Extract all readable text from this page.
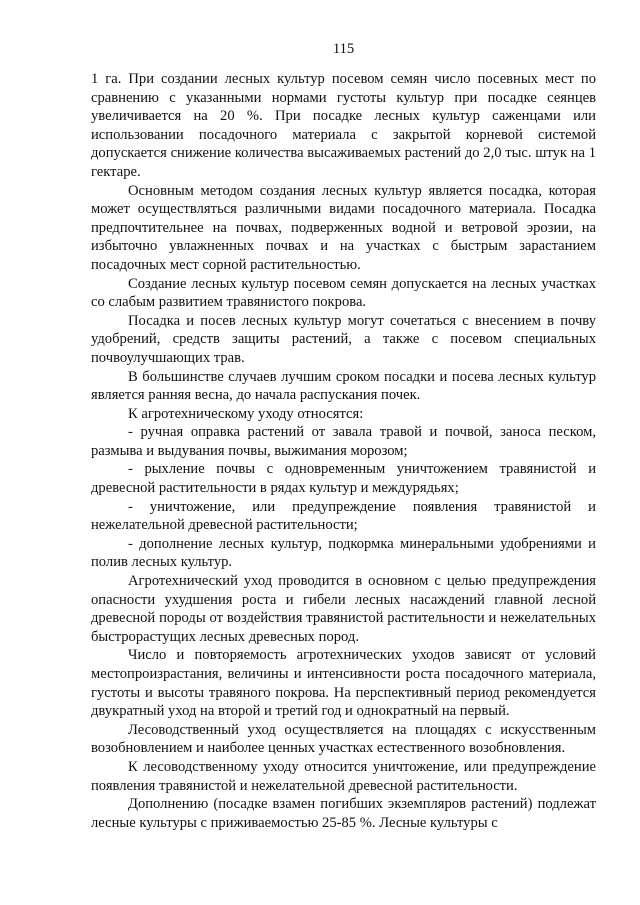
115

1 га. При создании лесных культур посевом семян число посевных мест по сравнению с указанными нормами густоты культур при посадке сеянцев увеличивается на 20 %. При посадке лесных культур саженцами или использовании посадочного материала с закрытой корневой системой допускается снижение количества высаживаемых растений до 2,0 тыс. штук на 1 гектаре.

Основным методом создания лесных культур является посадка, которая может осуществляться различными видами посадочного материала. Посадка предпочтительнее на почвах, подверженных водной и ветровой эрозии, на избыточно увлажненных почвах и на участках с быстрым зарастанием посадочных мест сорной растительностью.

Создание лесных культур посевом семян допускается на лесных участках со слабым развитием травянистого покрова.

Посадка и посев лесных культур могут сочетаться с внесением в почву удобрений, средств защиты растений, а также с посевом специальных почвоулучшающих трав.

В большинстве случаев лучшим сроком посадки и посева лесных культур является ранняя весна, до начала распускания почек.

К агротехническому уходу относятся:

- ручная оправка растений от завала травой и почвой, заноса песком, размыва и выдувания почвы, выжимания морозом;

- рыхление почвы с одновременным уничтожением травянистой и древесной растительности в рядах культур и междурядьях;

- уничтожение, или предупреждение появления травянистой и нежелательной древесной растительности;

- дополнение лесных культур, подкормка минеральными удобрениями и полив лесных культур.

Агротехнический уход проводится в основном с целью предупреждения опасности ухудшения роста и гибели лесных насаждений главной лесной древесной породы от воздействия травянистой растительности и нежелательных быстрорастущих лесных древесных пород.

Число и повторяемость агротехнических уходов зависят от условий местопроизрастания, величины и интенсивности роста посадочного материала, густоты и высоты травяного покрова. На перспективный период рекомендуется двукратный уход на второй и третий год и однократный на первый.

Лесоводственный уход осуществляется на площадях с искусственным возобновлением и наиболее ценных участках естественного возобновления.

К лесоводственному уходу относится уничтожение, или предупреждение появления травянистой и нежелательной древесной растительности.

Дополнению (посадке взамен погибших экземпляров растений) подлежат лесные культуры с приживаемостью 25-85 %. Лесные культуры с
